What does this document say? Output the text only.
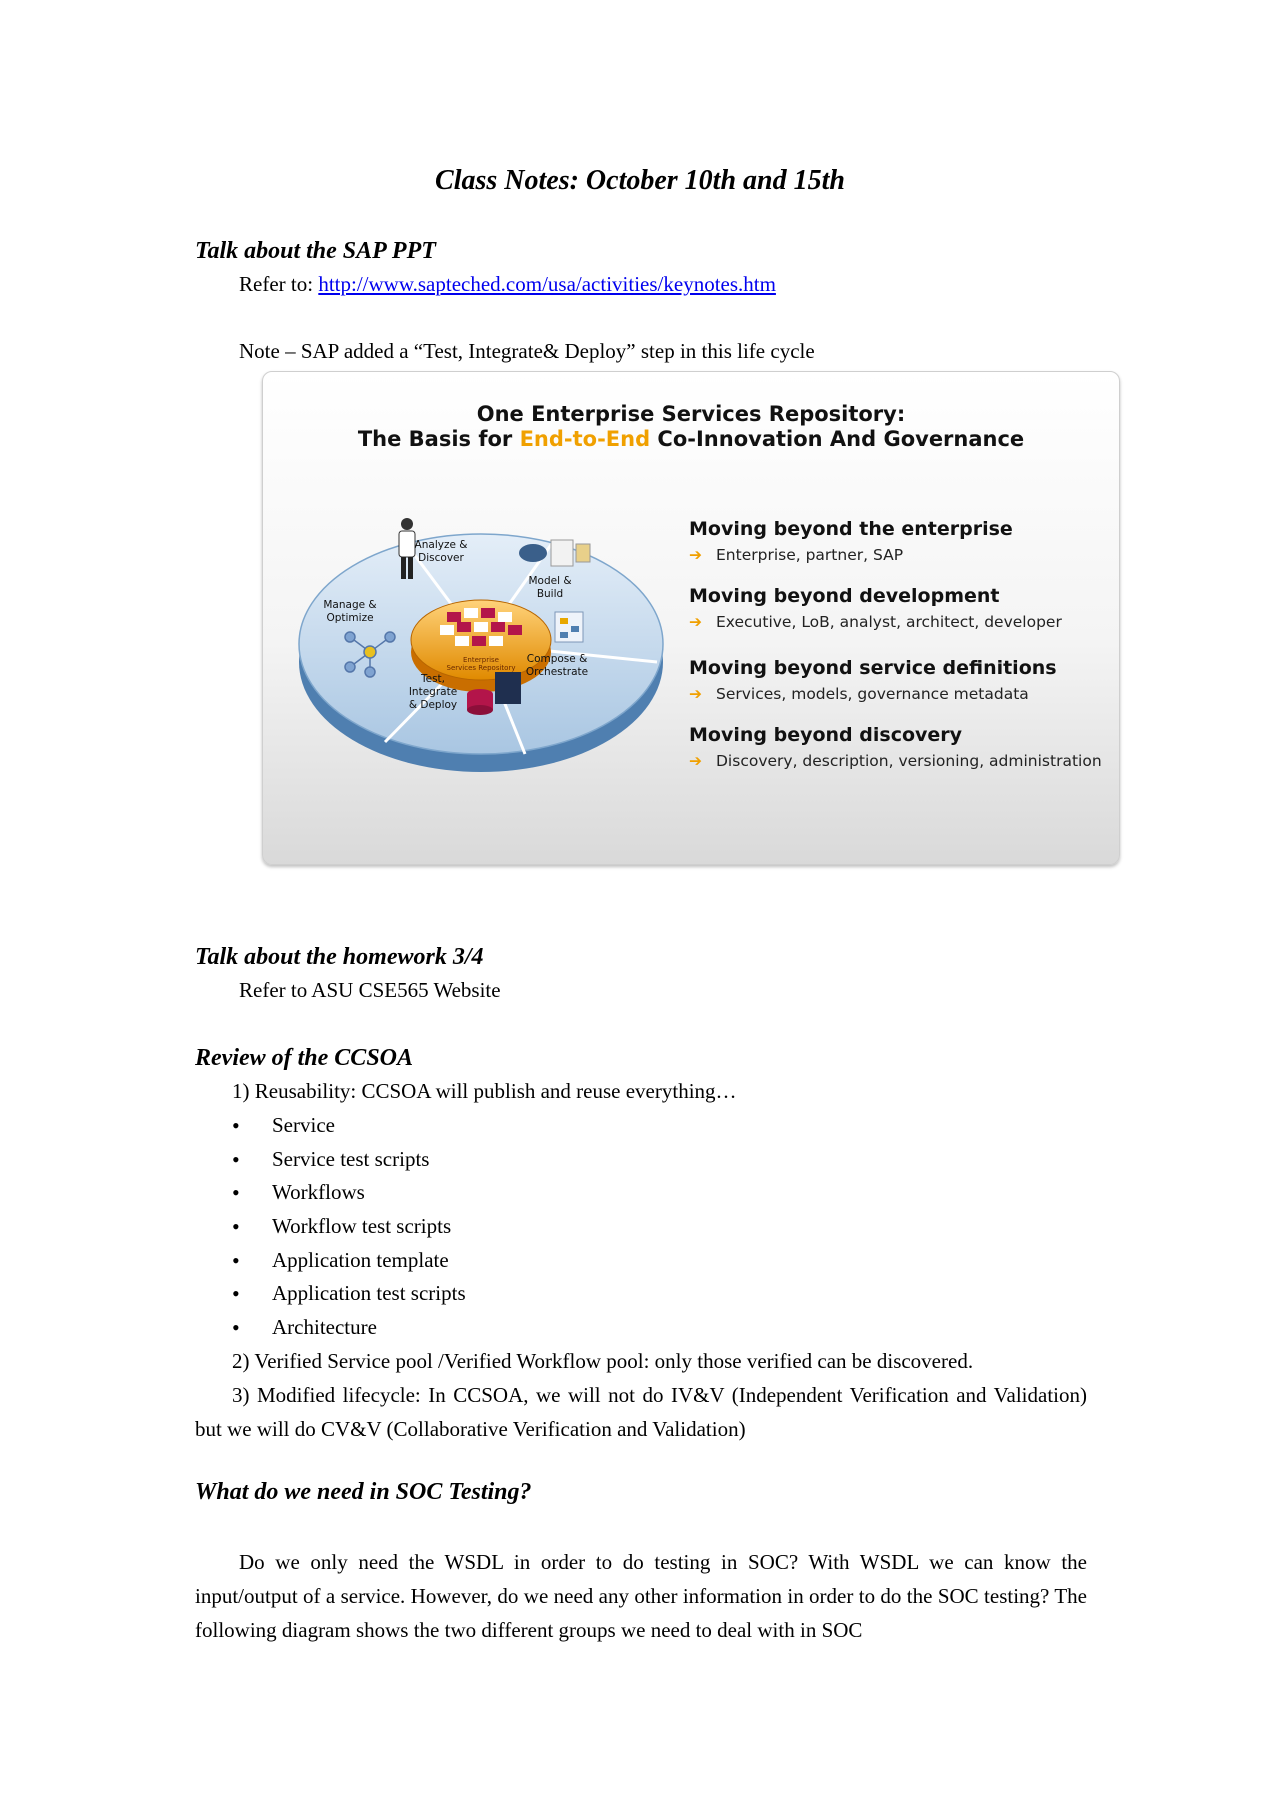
Class Notes: October 10th and 15th
Talk about the SAP PPT
Refer to: http://www.sapteched.com/usa/activities/keynotes.htm
Note – SAP added a “Test, Integrate& Deploy” step in this life cycle
One Enterprise Services Repository:
The Basis for End-to-End Co-Innovation And Governance
Moving beyond the enterprise
➔ Enterprise, partner, SAP
Moving beyond development
➔ Executive, LoB, analyst, architect, developer
Moving beyond service definitions
➔ Services, models, governance metadata
Moving beyond discovery
➔ Discovery, description, versioning, administration
Enterprise
Services Repository
Analyze &
Discover
Model &
Build
Compose &
Orchestrate
Test,
Integrate
& Deploy
Manage &
Optimize
Talk about the homework 3/4
Refer to ASU CSE565 Website
Review of the CCSOA
1) Reusability: CCSOA will publish and reuse everything…
• Service
• Service test scripts
• Workflows
• Workflow test scripts
• Application template
• Application test scripts
• Architecture
2) Verified Service pool /Verified Workflow pool: only those verified can be discovered.
3) Modified lifecycle: In CCSOA, we will not do IV&V (Independent Verification and Validation) but we will do CV&V (Collaborative Verification and Validation)
What do we need in SOC Testing?
Do we only need the WSDL in order to do testing in SOC? With WSDL we can know the input/output of a service. However, do we need any other information in order to do the SOC testing? The following diagram shows the two different groups we need to deal with in SOC
